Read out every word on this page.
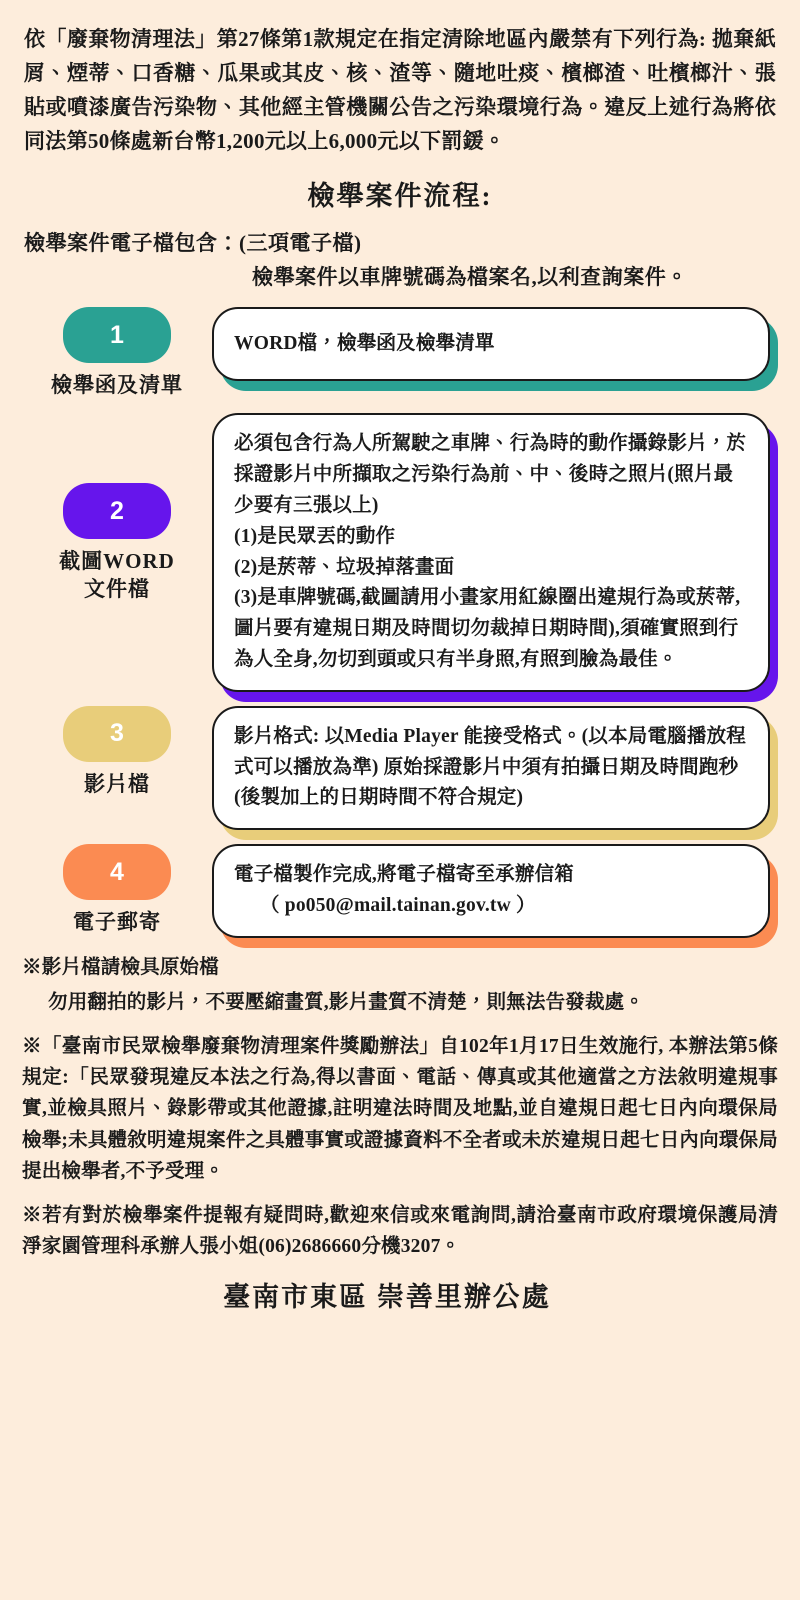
依「廢棄物清理法」第27條第1款規定在指定清除地區內嚴禁有下列行為: 拋棄紙屑、煙蒂、口香糖、瓜果或其皮、核、渣等、隨地吐痰、檳榔渣、吐檳榔汁、張貼或噴漆廣告污染物、其他經主管機關公告之污染環境行為。違反上述行為將依同法第50條處新台幣1,200元以上6,000元以下罰鍰。
檢舉案件流程:
檢舉案件電子檔包含：(三項電子檔)
檢舉案件以車牌號碼為檔案名,以利查詢案件。
1
檢舉函及清單

WORD檔，檢舉函及檢舉清單

2
截圖WORD
文件檔

必須包含行為人所駕駛之車牌、行為時的動作攝錄影片，於採證影片中所擷取之污染行為前、中、後時之照片(照片最少要有三張以上)

(1)是民眾丟的動作

(2)是菸蒂、垃圾掉落畫面

(3)是車牌號碼,截圖請用小畫家用紅線圈出違規行為或菸蒂,圖片要有違規日期及時間切勿裁掉日期時間),須確實照到行為人全身,勿切到頭或只有半身照,有照到臉為最佳。

3
影片檔

影片格式: 以Media Player 能接受格式。(以本局電腦播放程式可以播放為準) 原始採證影片中須有拍攝日期及時間跑秒(後製加上的日期時間不符合規定)

4
電子郵寄

電子檔製作完成,將電子檔寄至承辦信箱

（ po050@mail.tainan.gov.tw ）

※影片檔請檢具原始檔

勿用翻拍的影片，不要壓縮畫質,影片畫質不清楚，則無法告發裁處。

※「臺南市民眾檢舉廢棄物清理案件獎勵辦法」自102年1月17日生效施行, 本辦法第5條規定:「民眾發現違反本法之行為,得以書面、電話、傳真或其他適當之方法敘明違規事實,並檢具照片、錄影帶或其他證據,註明違法時間及地點,並自違規日起七日內向環保局檢舉;未具體敘明違規案件之具體事實或證據資料不全者或未於違規日起七日內向環保局提出檢舉者,不予受理。

※若有對於檢舉案件提報有疑問時,歡迎來信或來電詢問,請洽臺南市政府環境保護局清淨家園管理科承辦人張小姐(06)2686660分機3207。

臺南市東區 崇善里辦公處
